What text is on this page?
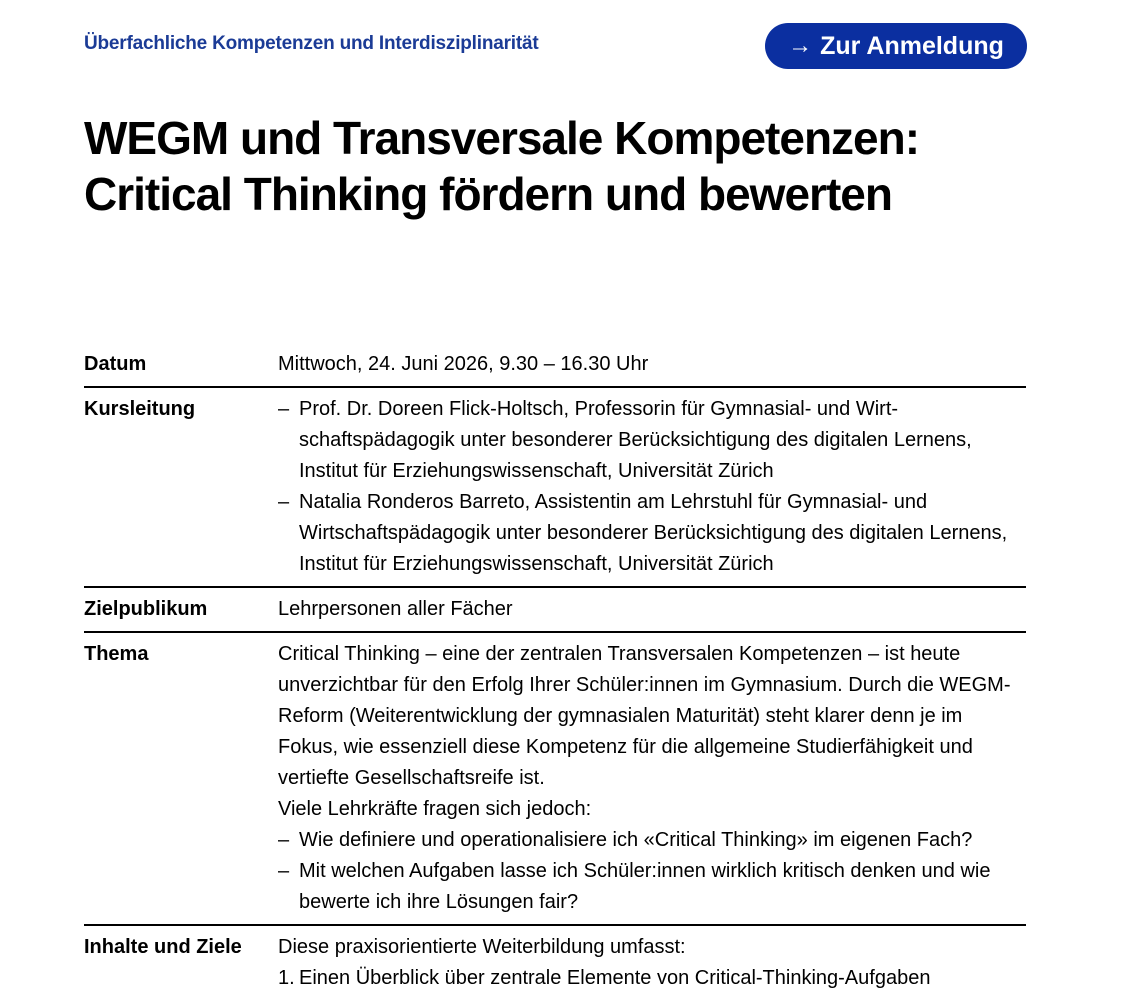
Überfachliche Kompetenzen und Interdisziplinarität	→ Zur Anmeldung
WEGM und Transversale Kompetenzen:
Critical Thinking fördern und bewerten
Datum	Mittwoch, 24. Juni 2026, 9.30 – 16.30 Uhr
Kursleitung	– Prof. Dr. Doreen Flick-Holtsch, Professorin für Gymnasial- und Wirtschaftspädagogik unter besonderer Berücksichtigung des digitalen Lernens, Institut für Erziehungswissenschaft, Universität Zürich
– Natalia Ronderos Barreto, Assistentin am Lehrstuhl für Gymnasial- und Wirtschaftspädagogik unter besonderer Berücksichtigung des digitalen Lernens, Institut für Erziehungswissenschaft, Universität Zürich
Zielpublikum	Lehrpersonen aller Fächer
Thema	Critical Thinking – eine der zentralen Transversalen Kompetenzen – ist heute unverzichtbar für den Erfolg Ihrer Schüler:innen im Gymnasium. Durch die WEGM-Reform (Weiterentwicklung der gymnasialen Maturität) steht klarer denn je im Fokus, wie essenziell diese Kompetenz für die allgemeine Studierfähigkeit und vertiefte Gesellschaftsreife ist.

Viele Lehrkräfte fragen sich jedoch:

– Wie definiere und operationalisiere ich «Critical Thinking» im eigenen Fach?
– Mit welchen Aufgaben lasse ich Schüler:innen wirklich kritisch denken und wie bewerte ich ihre Lösungen fair?
Inhalte und Ziele	Diese praxisorientierte Weiterbildung umfasst:

1. Einen Überblick über zentrale Elemente von Critical-Thinking-Aufgaben
